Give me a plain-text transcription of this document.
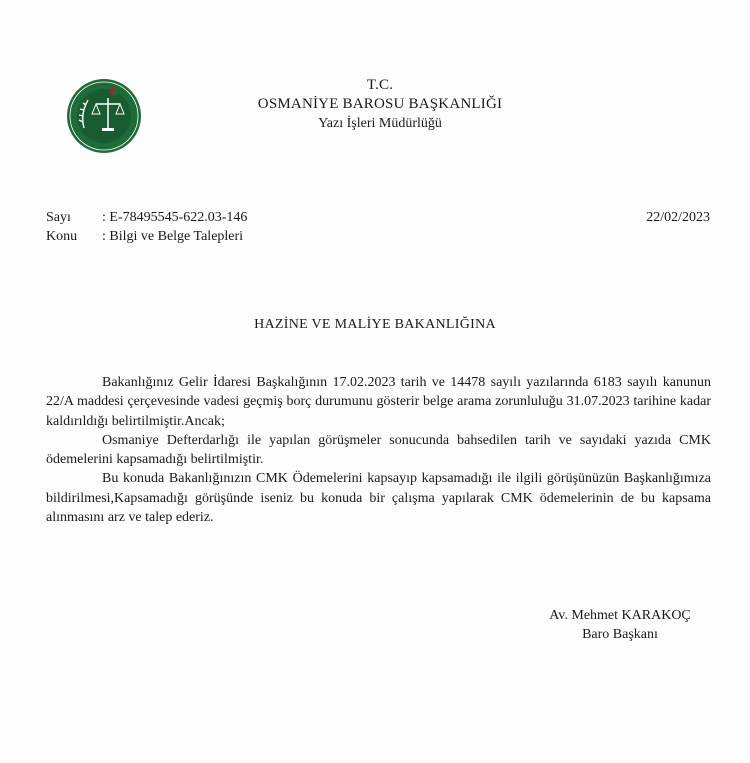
T.C.
OSMANİYE BAROSU BAŞKANLIĞI
Yazı İşleri Müdürlüğü
Sayı	: E-78495545-622.03-146
Konu	: Bilgi ve Belge Talepleri
22/02/2023
HAZİNE VE MALİYE BAKANLIĞINA

Bakanlığınız Gelir İdaresi Başkalığının 17.02.2023 tarih ve 14478 sayılı yazılarında 6183 sayılı kanunun 22/A maddesi çerçevesinde vadesi geçmiş borç durumunu gösterir belge arama zorunluluğu 31.07.2023 tarihine kadar kaldırıldığı belirtilmiştir.Ancak;

Osmaniye Defterdarlığı ile yapılan görüşmeler sonucunda bahsedilen tarih ve sayıdaki yazıda CMK ödemelerini kapsamadığı belirtilmiştir.

Bu konuda Bakanlığınızın CMK Ödemelerini kapsayıp kapsamadığı ile ilgili görüşünüzün Başkanlığımıza bildirilmesi,Kapsamadığı görüşünde iseniz bu konuda bir çalışma yapılarak CMK ödemelerinin de bu kapsama alınmasını arz ve talep ederiz.

Av. Mehmet KARAKOÇ
Baro Başkanı
